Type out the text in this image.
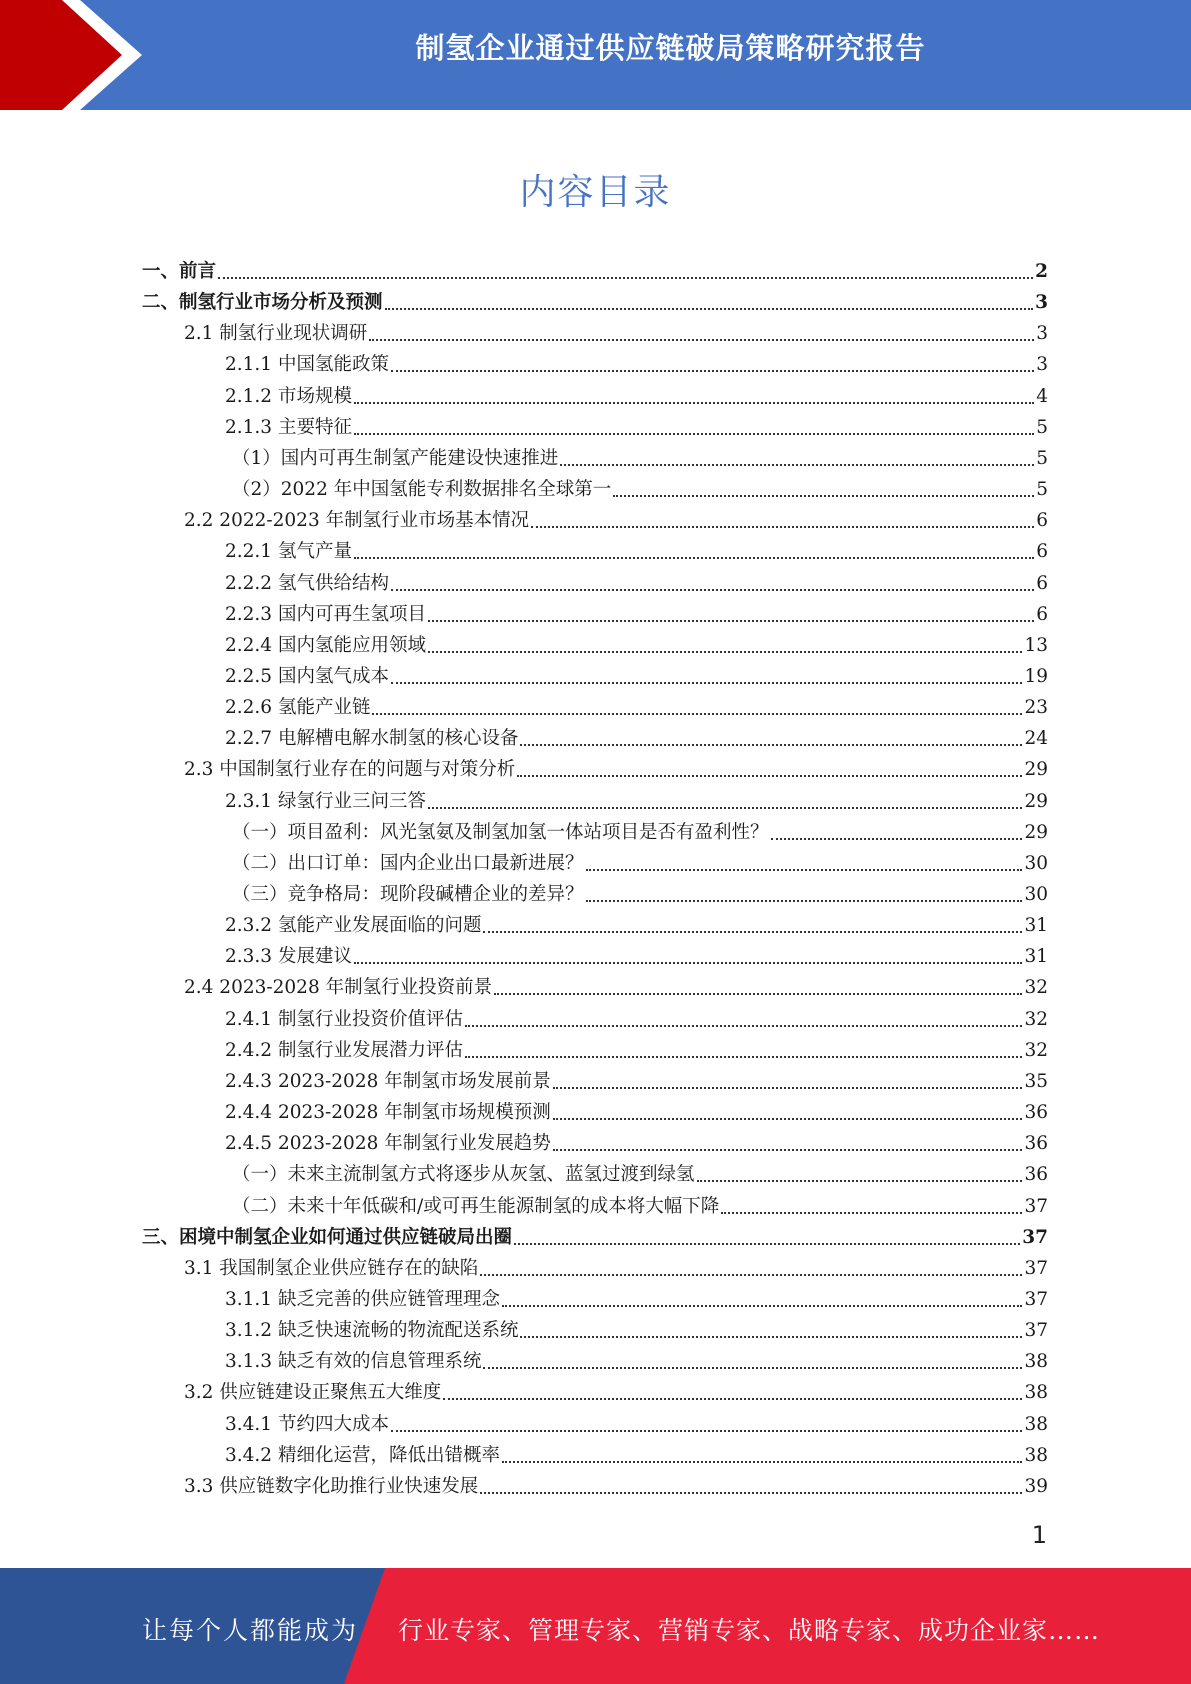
制氢企业通过供应链破局策略研究报告
内容目录
一、前言	2
二、制氢行业市场分析及预测	3
2.1 制氢行业现状调研	3
2.1.1 中国氢能政策	3
2.1.2 市场规模	4
2.1.3 主要特征	5
（1）国内可再生制氢产能建设快速推进	5
（2）2022 年中国氢能专利数据排名全球第一	5
2.2 2022-2023 年制氢行业市场基本情况	6
2.2.1 氢气产量	6
2.2.2 氢气供给结构	6
2.2.3 国内可再生氢项目	6
2.2.4 国内氢能应用领域	13
2.2.5 国内氢气成本	19
2.2.6 氢能产业链	23
2.2.7 电解槽电解水制氢的核心设备	24
2.3 中国制氢行业存在的问题与对策分析	29
2.3.1 绿氢行业三问三答	29
（一）项目盈利：风光氢氨及制氢加氢一体站项目是否有盈利性？	29
（二）出口订单：国内企业出口最新进展？	30
（三）竞争格局：现阶段碱槽企业的差异？	30
2.3.2 氢能产业发展面临的问题	31
2.3.3 发展建议	31
2.4 2023-2028 年制氢行业投资前景	32
2.4.1 制氢行业投资价值评估	32
2.4.2 制氢行业发展潜力评估	32
2.4.3 2023-2028 年制氢市场发展前景	35
2.4.4 2023-2028 年制氢市场规模预测	36
2.4.5 2023-2028 年制氢行业发展趋势	36
（一）未来主流制氢方式将逐步从灰氢、蓝氢过渡到绿氢	36
（二）未来十年低碳和/或可再生能源制氢的成本将大幅下降	37
三、困境中制氢企业如何通过供应链破局出圈	37
3.1 我国制氢企业供应链存在的缺陷	37
3.1.1 缺乏完善的供应链管理理念	37
3.1.2 缺乏快速流畅的物流配送系统	37
3.1.3 缺乏有效的信息管理系统	38
3.2 供应链建设正聚焦五大维度	38
3.4.1 节约四大成本	38
3.4.2 精细化运营，降低出错概率	38
3.3 供应链数字化助推行业快速发展	39
1
让每个人都能成为 行业专家、管理专家、营销专家、战略专家、成功企业家……
